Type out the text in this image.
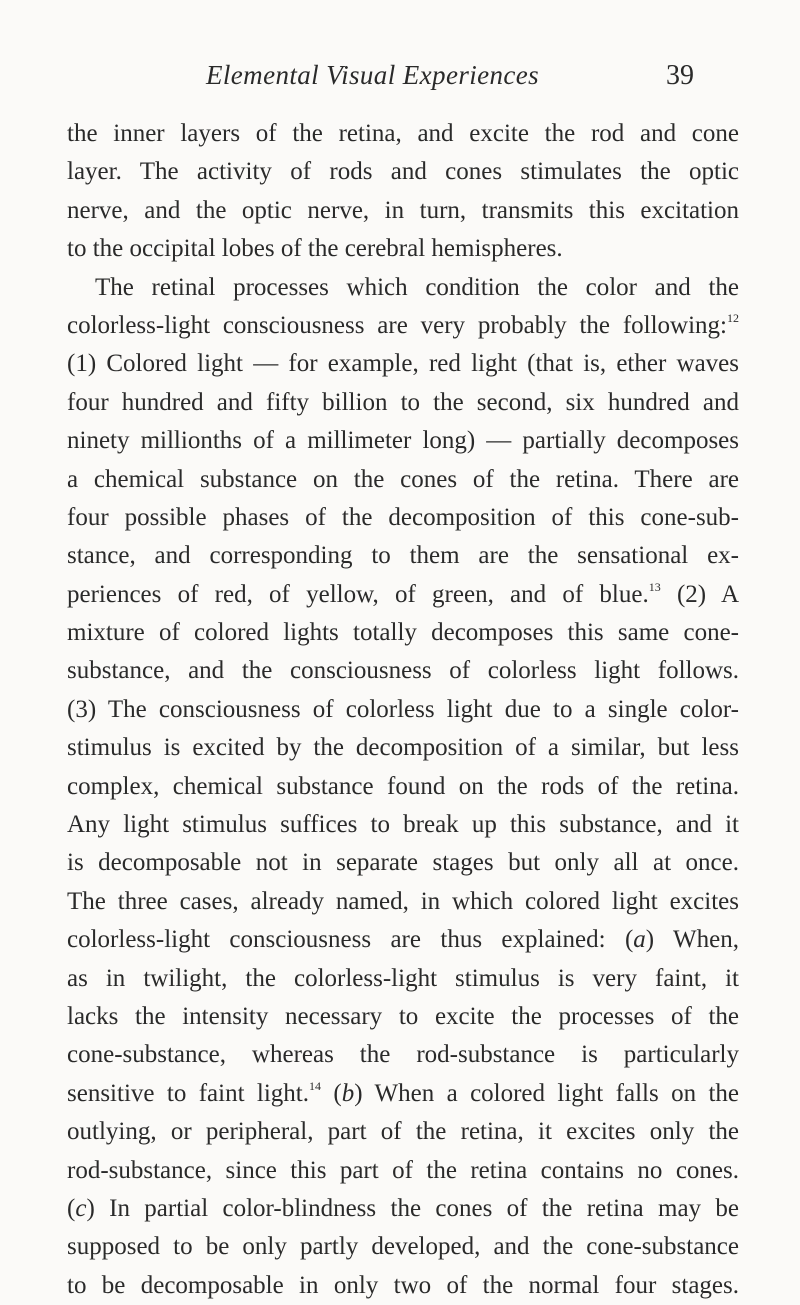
Elemental Visual Experiences	39
the inner layers of the retina, and excite the rod and cone
layer. The activity of rods and cones stimulates the optic
nerve, and the optic nerve, in turn, transmits this excitation
to the occipital lobes of the cerebral hemispheres.
The retinal processes which condition the color and the
colorless-light consciousness are very probably the following:$^{12}$
(1) Colored light — for example, red light (that is, ether waves
four hundred and fifty billion to the second, six hundred and
ninety millionths of a millimeter long) — partially decomposes
a chemical substance on the cones of the retina. There are
four possible phases of the decomposition of this cone-sub-
stance, and corresponding to them are the sensational ex-
periences of red, of yellow, of green, and of blue.$^{13}$ (2) A
mixture of colored lights totally decomposes this same cone-
substance, and the consciousness of colorless light follows.
(3) The consciousness of colorless light due to a single color-
stimulus is excited by the decomposition of a similar, but less
complex, chemical substance found on the rods of the retina.
Any light stimulus suffices to break up this substance, and it
is decomposable not in separate stages but only all at once.
The three cases, already named, in which colored light excites
colorless-light consciousness are thus explained: (a) When,
as in twilight, the colorless-light stimulus is very faint, it
lacks the intensity necessary to excite the processes of the
cone-substance, whereas the rod-substance is particularly
sensitive to faint light.$^{14}$ (b) When a colored light falls on the
outlying, or peripheral, part of the retina, it excites only the
rod-substance, since this part of the retina contains no cones.
(c) In partial color-blindness the cones of the retina may be
supposed to be only partly developed, and the cone-substance
to be decomposable in only two of the normal four stages.
